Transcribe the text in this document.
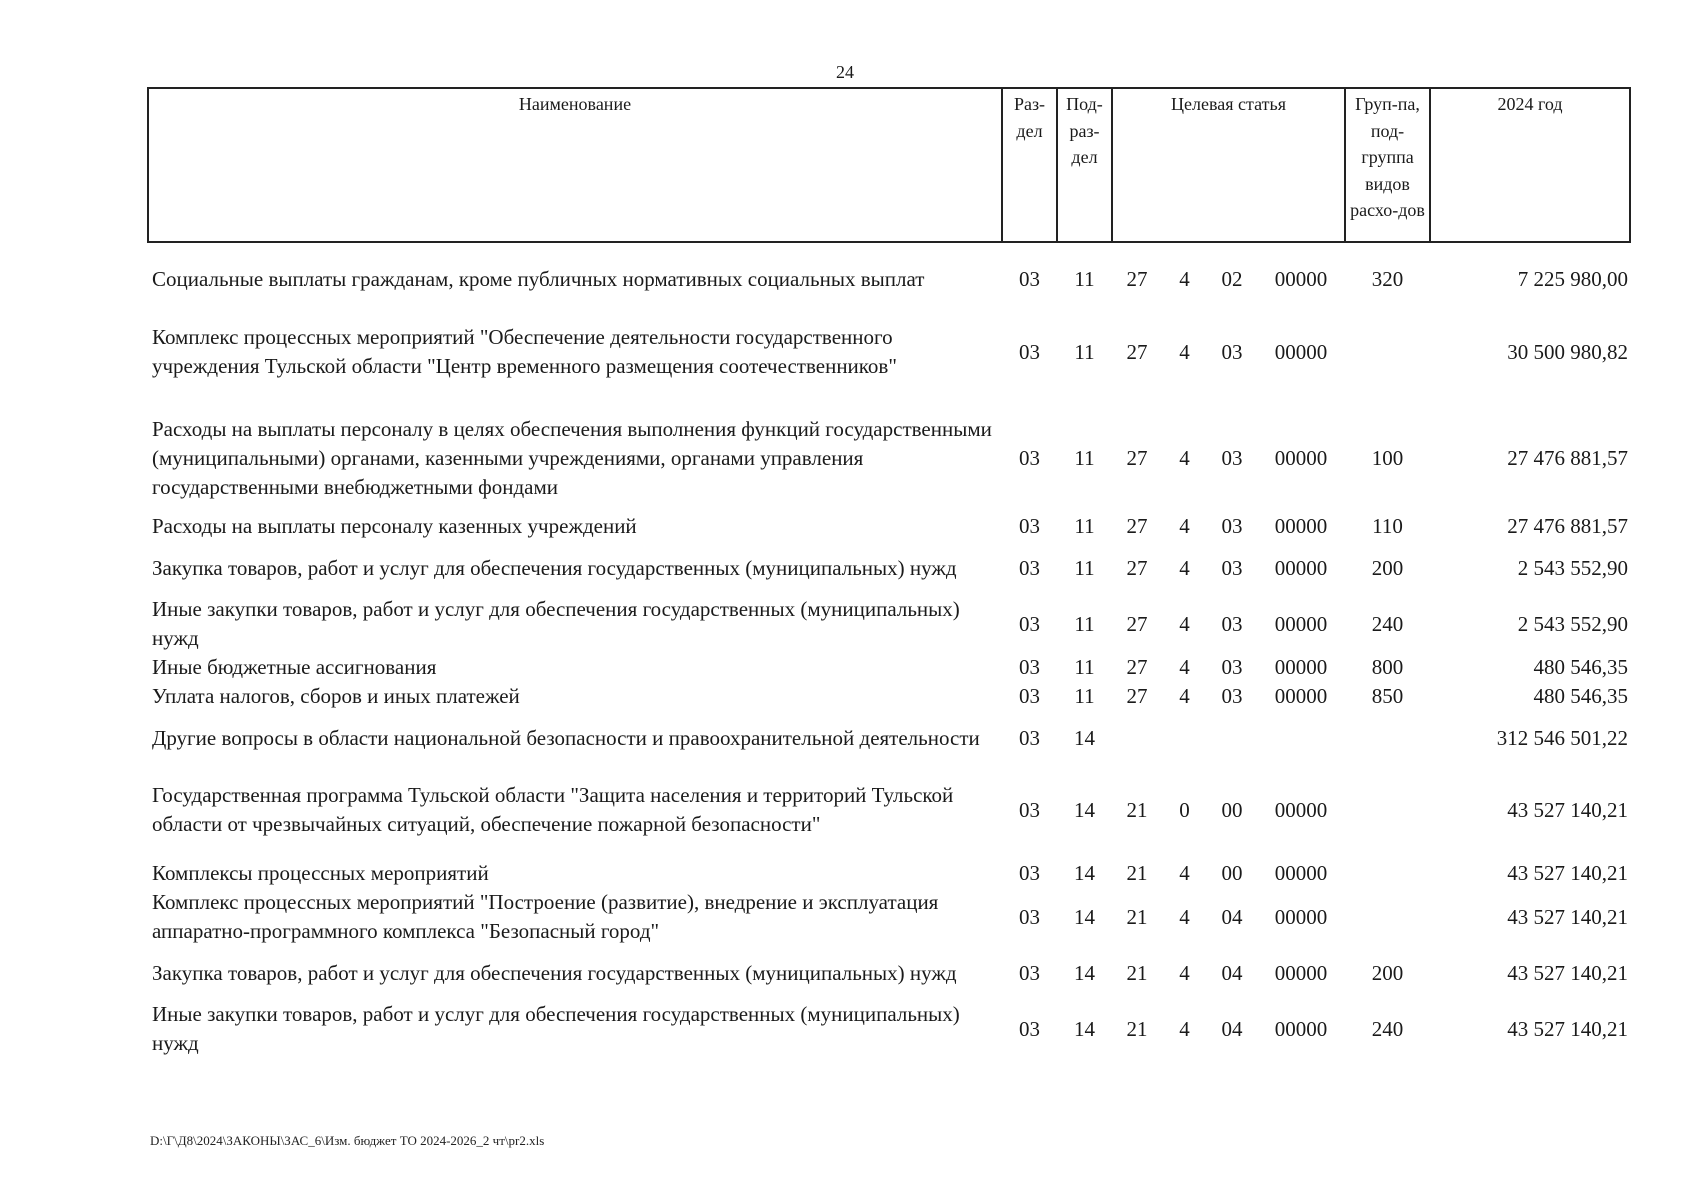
24
Наименование	Раз-дел	Под-раз-дел	Целевая статья				Груп-па, под-группа видов расхо-дов	2024 год
Социальные выплаты гражданам, кроме публичных нормативных социальных выплат	03	11	27	4	02	00000	320	7 225 980,00
Комплекс процессных мероприятий "Обеспечение деятельности государственного учреждения Тульской области "Центр временного размещения соотечественников"	03	11	27	4	03	00000		30 500 980,82
Расходы на выплаты персоналу в целях обеспечения выполнения функций государственными (муниципальными) органами, казенными учреждениями, органами управления государственными внебюджетными фондами	03	11	27	4	03	00000	100	27 476 881,57
Расходы на выплаты персоналу казенных учреждений	03	11	27	4	03	00000	110	27 476 881,57
Закупка товаров, работ и услуг для обеспечения государственных (муниципальных) нужд	03	11	27	4	03	00000	200	2 543 552,90
Иные закупки товаров, работ и услуг для обеспечения государственных (муниципальных) нужд	03	11	27	4	03	00000	240	2 543 552,90
Иные бюджетные ассигнования	03	11	27	4	03	00000	800	480 546,35
Уплата налогов, сборов и иных платежей	03	11	27	4	03	00000	850	480 546,35
Другие вопросы в области национальной безопасности и правоохранительной деятельности	03	14						312 546 501,22
Государственная программа Тульской области "Защита населения и территорий Тульской области от чрезвычайных ситуаций, обеспечение пожарной безопасности"	03	14	21	0	00	00000		43 527 140,21
Комплексы процессных мероприятий	03	14	21	4	00	00000		43 527 140,21
Комплекс процессных мероприятий "Построение (развитие), внедрение и эксплуатация аппаратно-программного комплекса "Безопасный город"	03	14	21	4	04	00000		43 527 140,21
Закупка товаров, работ и услуг для обеспечения государственных (муниципальных) нужд	03	14	21	4	04	00000	200	43 527 140,21
Иные закупки товаров, работ и услуг для обеспечения государственных (муниципальных) нужд	03	14	21	4	04	00000	240	43 527 140,21
D:\Г\Д8\2024\ЗАКОНЫ\ЗАС_6\Изм. бюджет ТО 2024-2026_2 чт\pr2.xls
